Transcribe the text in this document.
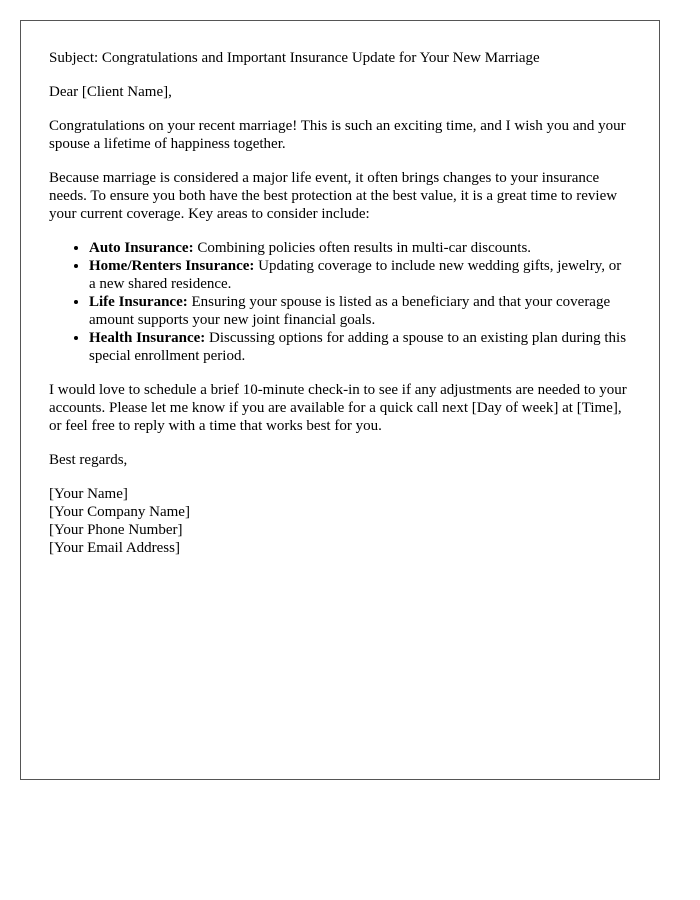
Subject: Congratulations and Important Insurance Update for Your New Marriage

Dear [Client Name],

Congratulations on your recent marriage! This is such an exciting time, and I wish you and your spouse a lifetime of happiness together.

Because marriage is considered a major life event, it often brings changes to your insurance needs. To ensure you both have the best protection at the best value, it is a great time to review your current coverage. Key areas to consider include:

• Auto Insurance: Combining policies often results in multi-car discounts.
• Home/Renters Insurance: Updating coverage to include new wedding gifts, jewelry, or a new shared residence.
• Life Insurance: Ensuring your spouse is listed as a beneficiary and that your coverage amount supports your new joint financial goals.
• Health Insurance: Discussing options for adding a spouse to an existing plan during this special enrollment period.

I would love to schedule a brief 10-minute check-in to see if any adjustments are needed to your accounts. Please let me know if you are available for a quick call next [Day of week] at [Time], or feel free to reply with a time that works best for you.

Best regards,

[Your Name]
[Your Company Name]
[Your Phone Number]
[Your Email Address]
